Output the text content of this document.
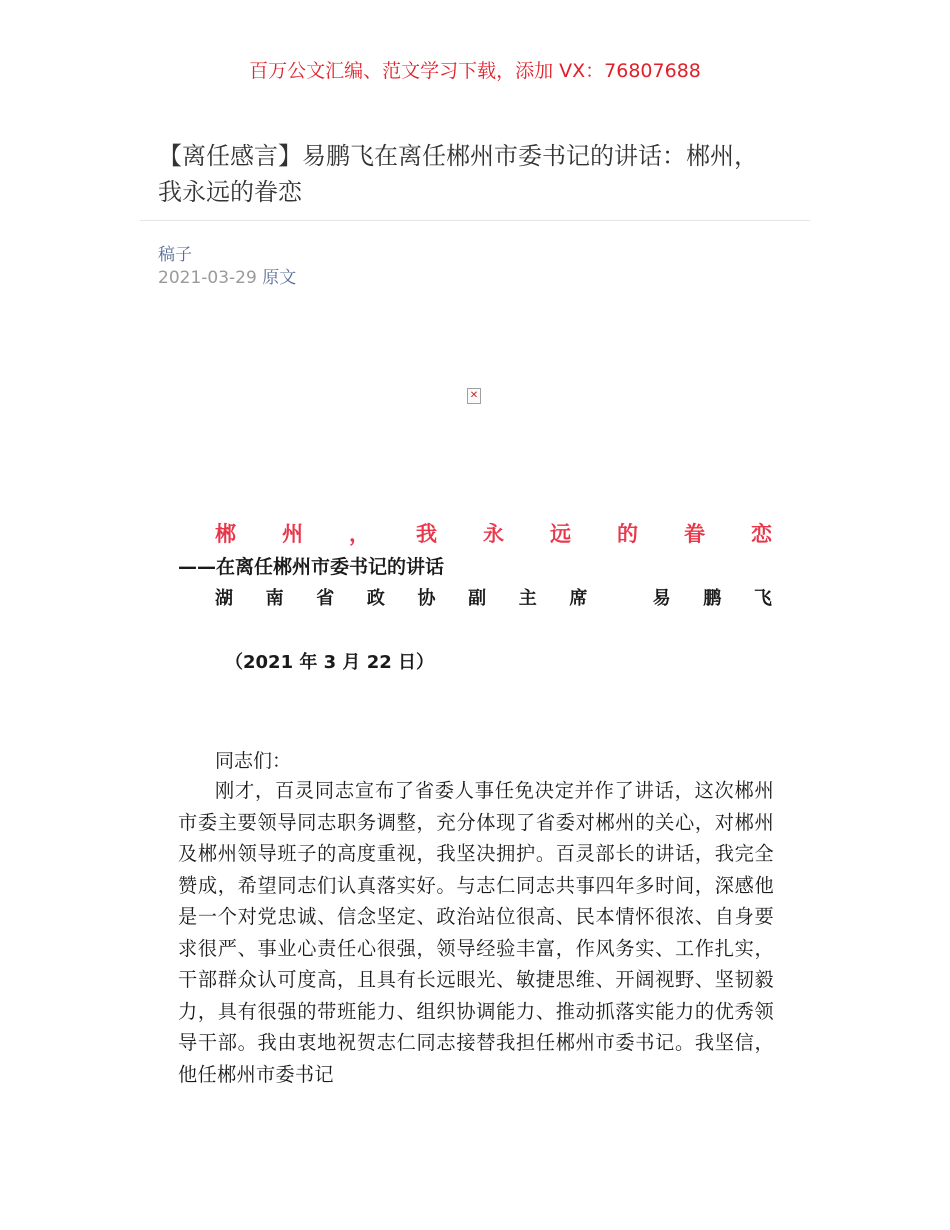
百万公文汇编、范文学习下载，添加 VX：76807688
【离任感言】易鹏飞在离任郴州市委书记的讲话：郴州，我永远的眷恋
稿子
2021-03-29 原文
✕
郴 州 ， 我 永 远 的 眷 恋
——在离任郴州市委书记的讲话
湖 南 省 政 协 副 主 席	易 鹏 飞
（2021 年 3 月 22 日）
同志们：

刚才，百灵同志宣布了省委人事任免决定并作了讲话，这次郴州市委主要领导同志职务调整，充分体现了省委对郴州的关心，对郴州及郴州领导班子的高度重视，我坚决拥护。百灵部长的讲话，我完全赞成，希望同志们认真落实好。与志仁同志共事四年多时间，深感他是一个对党忠诚、信念坚定、政治站位很高、民本情怀很浓、自身要求很严、事业心责任心很强，领导经验丰富，作风务实、工作扎实，干部群众认可度高，且具有长远眼光、敏捷思维、开阔视野、坚韧毅力，具有很强的带班能力、组织协调能力、推动抓落实能力的优秀领导干部。我由衷地祝贺志仁同志接替我担任郴州市委书记。我坚信，他任郴州市委书记
